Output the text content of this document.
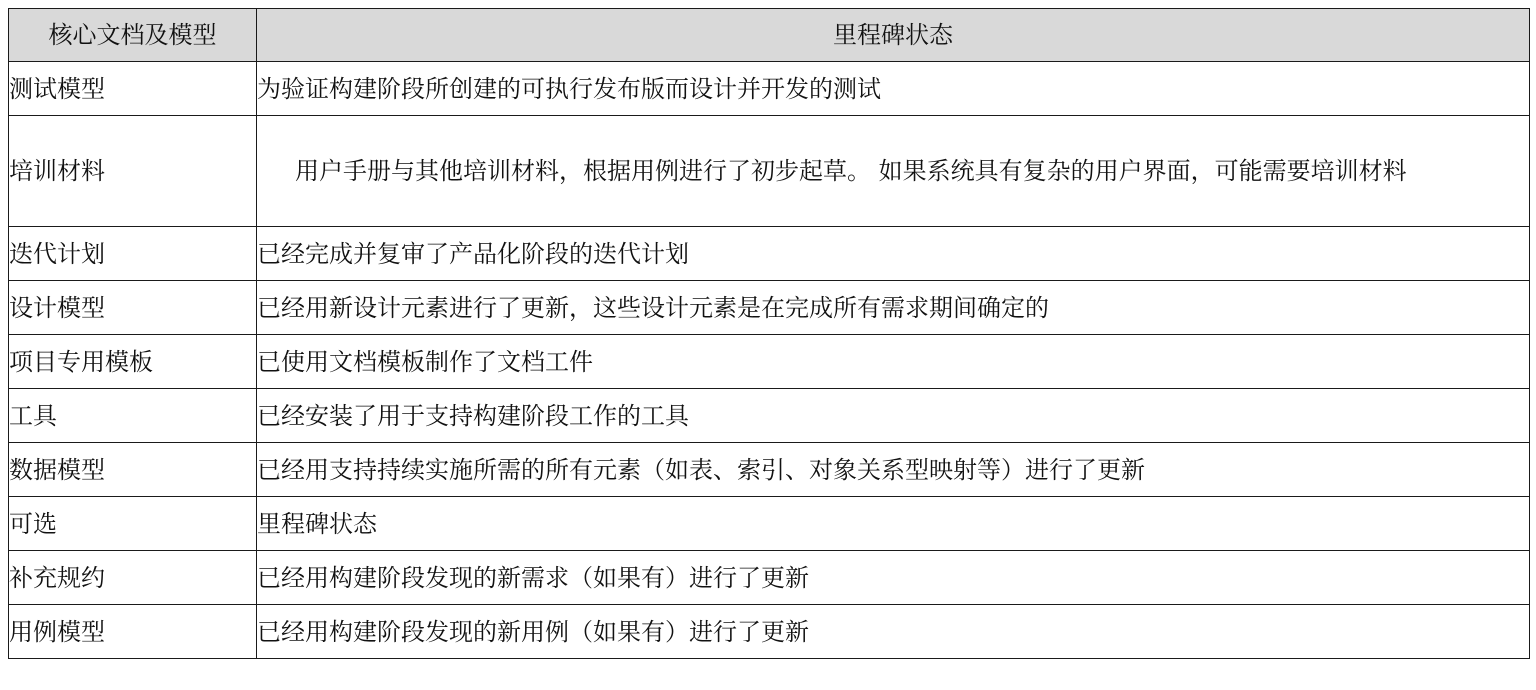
核心文档及模型	里程碑状态
测试模型	为验证构建阶段所创建的可执行发布版而设计并开发的测试
培训材料	用户手册与其他培训材料，根据用例进行了初步起草。 如果系统具有复杂的用户界面，可能需要培训材料
迭代计划	已经完成并复审了产品化阶段的迭代计划
设计模型	已经用新设计元素进行了更新，这些设计元素是在完成所有需求期间确定的
项目专用模板	已使用文档模板制作了文档工件
工具	已经安装了用于支持构建阶段工作的工具
数据模型	已经用支持持续实施所需的所有元素（如表、索引、对象关系型映射等）进行了更新
可选	里程碑状态
补充规约	已经用构建阶段发现的新需求（如果有）进行了更新
用例模型	已经用构建阶段发现的新用例（如果有）进行了更新
